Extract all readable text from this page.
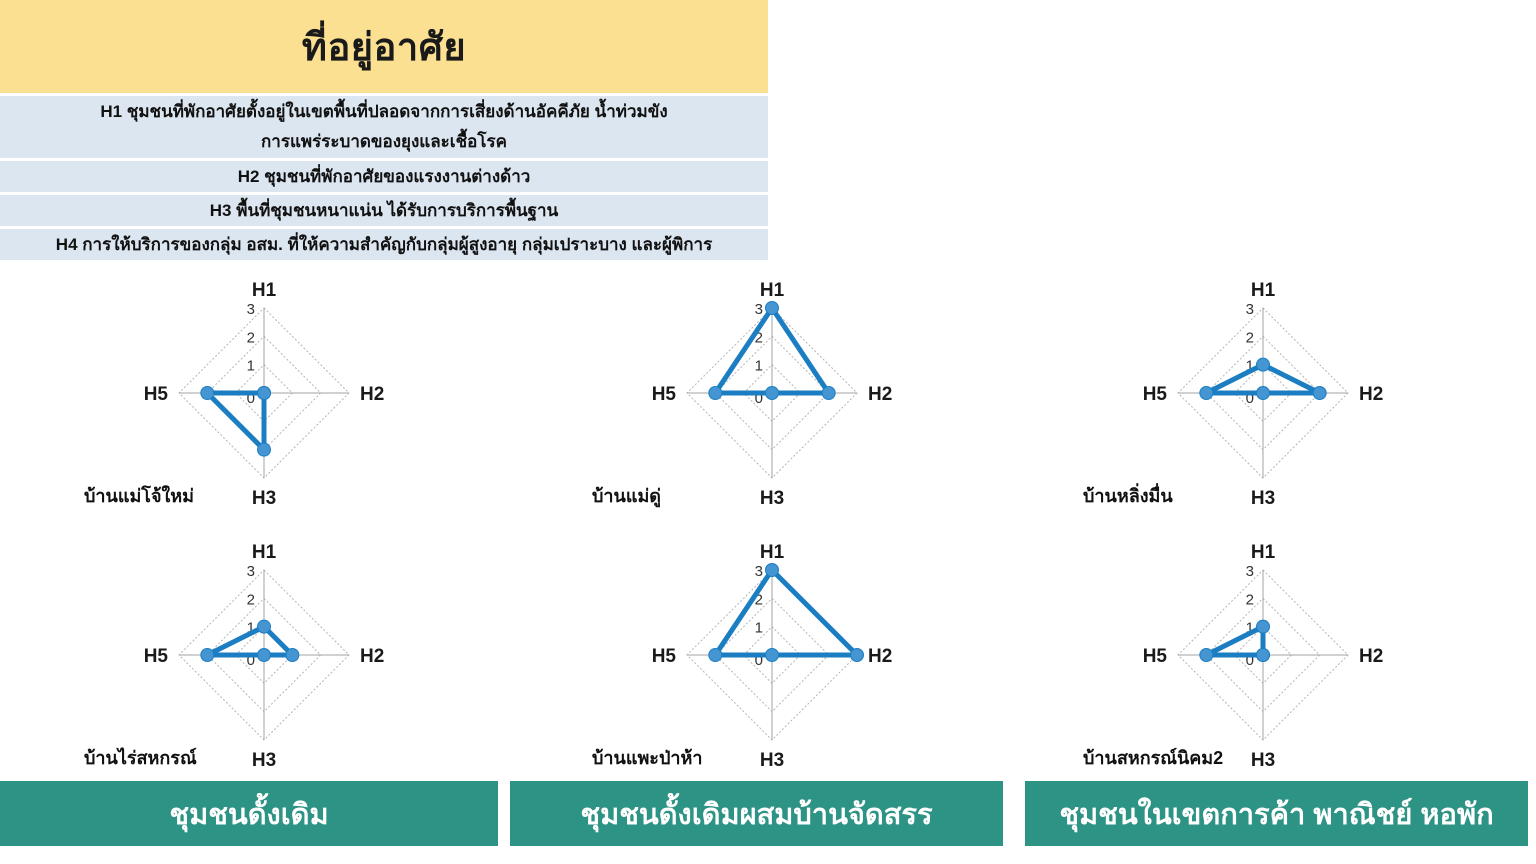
ที่อยู่อาศัย
H1 ชุมชนที่พักอาศัยตั้งอยู่ในเขตพื้นที่ปลอดจากการเสี่ยงด้านอัคคีภัย น้ำท่วมขัง
การแพร่ระบาดของยุงและเชื้อโรค
H2 ชุมชนที่พักอาศัยของแรงงานต่างด้าว
H3 พื้นที่ชุมชนหนาแน่น ได้รับการบริการพื้นฐาน
H4 การให้บริการของกลุ่ม อสม. ที่ให้ความสำคัญกับกลุ่มผู้สูงอายุ กลุ่มเปราะบาง และผู้พิการ
0
1
2
3
H1
H2
H3
H5
บ้านแม่โจ้ใหม่
0
1
2
3
H1
H2
H3
H5
บ้านแม่ดู่
0
1
2
3
H1
H2
H3
H5
บ้านหลิ่งมื่น
0
1
2
3
H1
H2
H3
H5
บ้านไร่สหกรณ์
0
1
2
3
H1
H2
H3
H5
บ้านแพะป่าห้า
0
1
2
3
H1
H2
H3
H5
บ้านสหกรณ์นิคม2
ชุมชนดั้งเดิม	ชุมชนดั้งเดิมผสมบ้านจัดสรร	ชุมชนในเขตการค้า พาณิชย์ หอพัก
